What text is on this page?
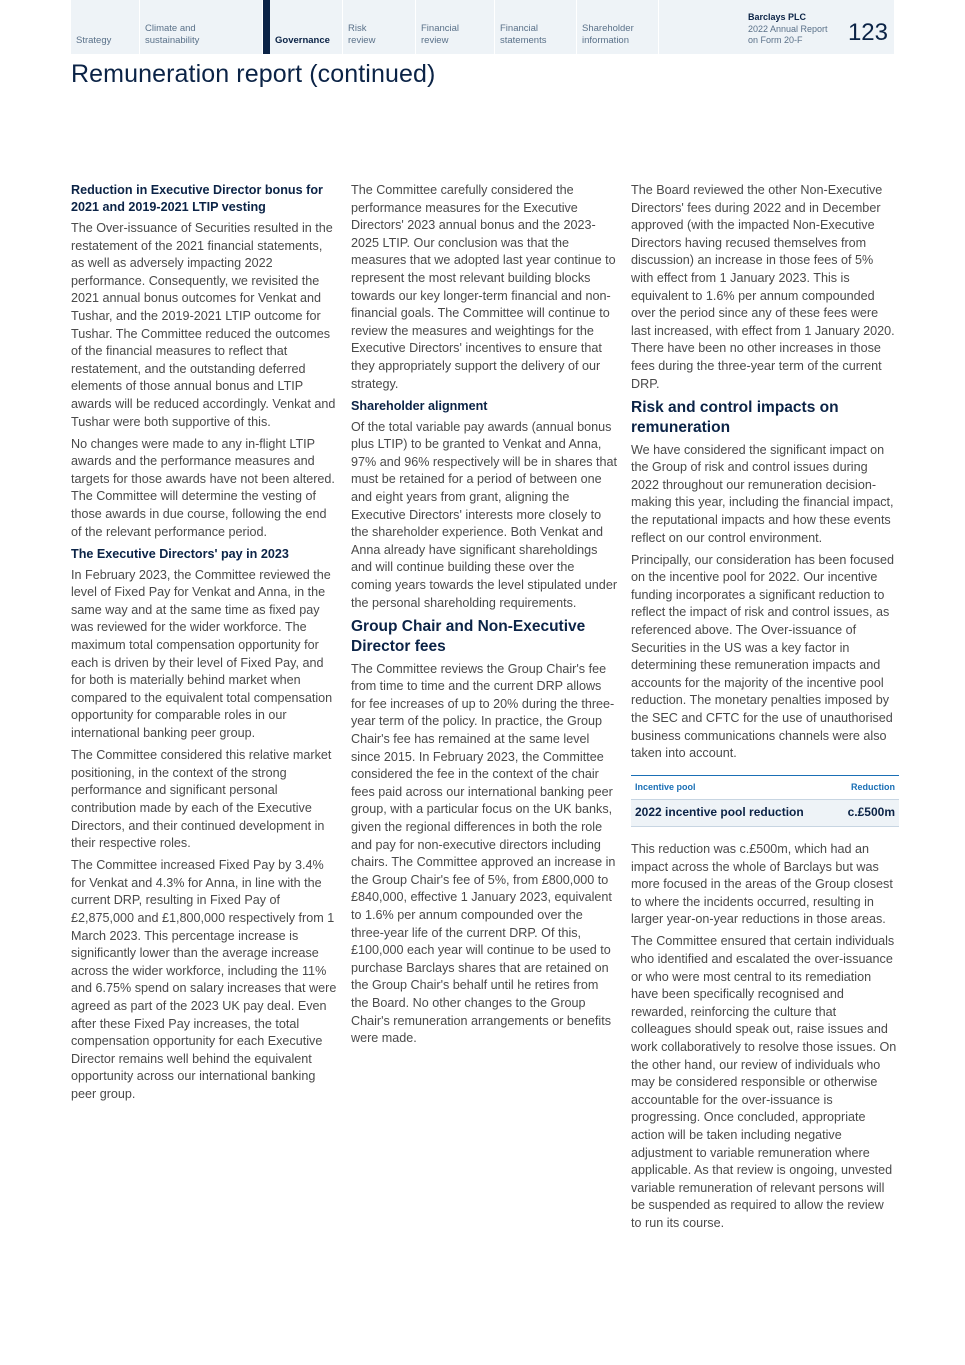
Strategy
Climate and sustainability	Governance
Risk review
Financial review
Financial statements
Shareholder information
Barclays PLC
2022 Annual Report
on Form 20-F	123
Remuneration report (continued)
Reduction in Executive Director bonus for 2021 and 2019-2021 LTIP vesting

The Over-issuance of Securities resulted in the restatement of the 2021 financial statements, as well as adversely impacting 2022 performance. Consequently, we revisited the 2021 annual bonus outcomes for Venkat and Tushar, and the 2019-2021 LTIP outcome for Tushar. The Committee reduced the outcomes of the financial measures to reflect that restatement, and the outstanding deferred elements of those annual bonus and LTIP awards will be reduced accordingly. Venkat and Tushar were both supportive of this.

No changes were made to any in-flight LTIP awards and the performance measures and targets for those awards have not been altered. The Committee will determine the vesting of those awards in due course, following the end of the relevant performance period.

The Executive Directors' pay in 2023

In February 2023, the Committee reviewed the level of Fixed Pay for Venkat and Anna, in the same way and at the same time as fixed pay was reviewed for the wider workforce. The maximum total compensation opportunity for each is driven by their level of Fixed Pay, and for both is materially behind market when compared to the equivalent total compensation opportunity for comparable roles in our international banking peer group.

The Committee considered this relative market positioning, in the context of the strong performance and significant personal contribution made by each of the Executive Directors, and their continued development in their respective roles.

The Committee increased Fixed Pay by 3.4% for Venkat and 4.3% for Anna, in line with the current DRP, resulting in Fixed Pay of £2,875,000 and £1,800,000 respectively from 1 March 2023. This percentage increase is significantly lower than the average increase across the wider workforce, including the 11% and 6.75% spend on salary increases that were agreed as part of the 2023 UK pay deal. Even after these Fixed Pay increases, the total compensation opportunity for each Executive Director remains well behind the equivalent opportunity across our international banking peer group.

The Committee carefully considered the performance measures for the Executive Directors' 2023 annual bonus and the 2023-2025 LTIP. Our conclusion was that the measures that we adopted last year continue to represent the most relevant building blocks towards our key longer-term financial and non-financial goals. The Committee will continue to review the measures and weightings for the Executive Directors' incentives to ensure that they appropriately support the delivery of our strategy.

Shareholder alignment

Of the total variable pay awards (annual bonus plus LTIP) to be granted to Venkat and Anna, 97% and 96% respectively will be in shares that must be retained for a period of between one and eight years from grant, aligning the Executive Directors' interests more closely to the shareholder experience. Both Venkat and Anna already have significant shareholdings and will continue building these over the coming years towards the level stipulated under the personal shareholding requirements.

Group Chair and Non-Executive Director fees

The Committee reviews the Group Chair's fee from time to time and the current DRP allows for fee increases of up to 20% during the three-year term of the policy. In practice, the Group Chair's fee has remained at the same level since 2015. In February 2023, the Committee considered the fee in the context of the chair fees paid across our international banking peer group, with a particular focus on the UK banks, given the regional differences in both the role and pay for non-executive directors including chairs. The Committee approved an increase in the Group Chair's fee of 5%, from £800,000 to £840,000, effective 1 January 2023, equivalent to 1.6% per annum compounded over the three-year life of the current DRP. Of this, £100,000 each year will continue to be used to purchase Barclays shares that are retained on the Group Chair's behalf until he retires from the Board. No other changes to the Group Chair's remuneration arrangements or benefits were made.

The Board reviewed the other Non-Executive Directors' fees during 2022 and in December approved (with the impacted Non-Executive Directors having recused themselves from discussion) an increase in those fees of 5% with effect from 1 January 2023. This is equivalent to 1.6% per annum compounded over the period since any of these fees were last increased, with effect from 1 January 2020. There have been no other increases in those fees during the three-year term of the current DRP.

Risk and control impacts on remuneration

We have considered the significant impact on the Group of risk and control issues during 2022 throughout our remuneration decision-making this year, including the financial impact, the reputational impacts and how these events reflect on our control environment.

Principally, our consideration has been focused on the incentive pool for 2022. Our incentive funding incorporates a significant reduction to reflect the impact of risk and control issues, as referenced above. The Over-issuance of Securities in the US was a key factor in determining these remuneration impacts and accounts for the majority of the incentive pool reduction. The monetary penalties imposed by the SEC and CFTC for the use of unauthorised business communications channels were also taken into account.

Incentive pool	Reduction
2022 incentive pool reduction	c.£500m

This reduction was c.£500m, which had an impact across the whole of Barclays but was more focused in the areas of the Group closest to where the incidents occurred, resulting in larger year-on-year reductions in those areas.

The Committee ensured that certain individuals who identified and escalated the over-issuance or who were most central to its remediation have been specifically recognised and rewarded, reinforcing the culture that colleagues should speak out, raise issues and work collaboratively to resolve those issues. On the other hand, our review of individuals who may be considered responsible or otherwise accountable for the over-issuance is progressing. Once concluded, appropriate action will be taken including negative adjustment to variable remuneration where applicable. As that review is ongoing, unvested variable remuneration of relevant persons will be suspended as required to allow the review to run its course.
